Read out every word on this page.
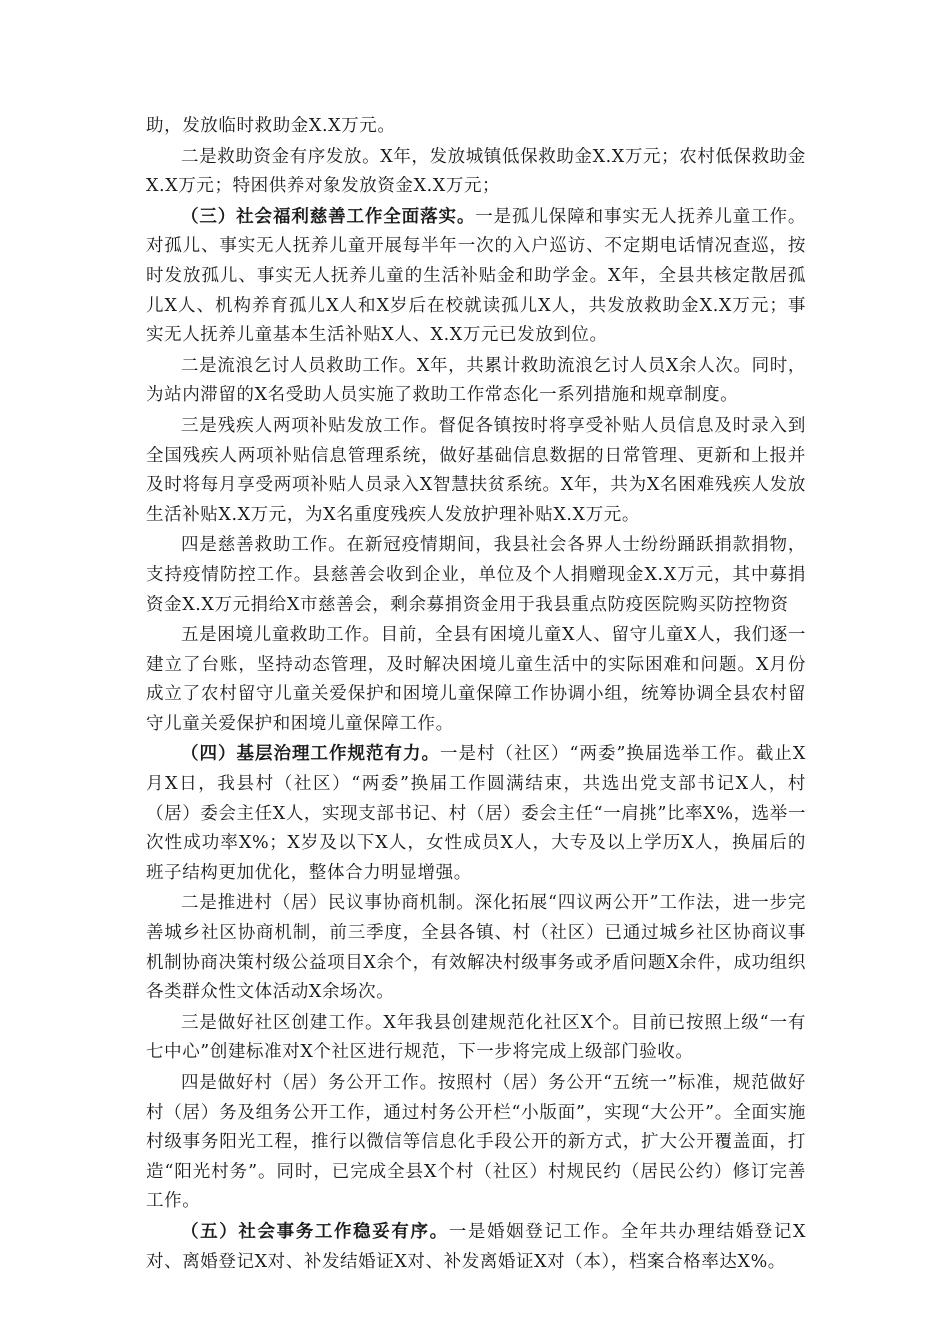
助，发放临时救助金X.X万元。

二是救助资金有序发放。X年，发放城镇低保救助金X.X万元；农村低保救助金X.X万元；特困供养对象发放资金X.X万元；

（三）社会福利慈善工作全面落实。一是孤儿保障和事实无人抚养儿童工作。对孤儿、事实无人抚养儿童开展每半年一次的入户巡访、不定期电话情况查巡，按时发放孤儿、事实无人抚养儿童的生活补贴金和助学金。X年，全县共核定散居孤儿X人、机构养育孤儿X人和X岁后在校就读孤儿X人，共发放救助金X.X万元；事实无人抚养儿童基本生活补贴X人、X.X万元已发放到位。

二是流浪乞讨人员救助工作。X年，共累计救助流浪乞讨人员X余人次。同时，为站内滞留的X名受助人员实施了救助工作常态化一系列措施和规章制度。

三是残疾人两项补贴发放工作。督促各镇按时将享受补贴人员信息及时录入到全国残疾人两项补贴信息管理系统，做好基础信息数据的日常管理、更新和上报并及时将每月享受两项补贴人员录入X智慧扶贫系统。X年，共为X名困难残疾人发放生活补贴X.X万元，为X名重度残疾人发放护理补贴X.X万元。

四是慈善救助工作。在新冠疫情期间，我县社会各界人士纷纷踊跃捐款捐物，支持疫情防控工作。县慈善会收到企业，单位及个人捐赠现金X.X万元，其中募捐资金X.X万元捐给X市慈善会，剩余募捐资金用于我县重点防疫医院购买防控物资

五是困境儿童救助工作。目前，全县有困境儿童X人、留守儿童X人，我们逐一建立了台账，坚持动态管理，及时解决困境儿童生活中的实际困难和问题。X月份成立了农村留守儿童关爱保护和困境儿童保障工作协调小组，统筹协调全县农村留守儿童关爱保护和困境儿童保障工作。

（四）基层治理工作规范有力。一是村（社区）“两委”换届选举工作。截止X月X日，我县村（社区）“两委”换届工作圆满结束，共选出党支部书记X人，村（居）委会主任X人，实现支部书记、村（居）委会主任“一肩挑”比率X%，选举一次性成功率X%；X岁及以下X人，女性成员X人，大专及以上学历X人，换届后的班子结构更加优化，整体合力明显增强。

二是推进村（居）民议事协商机制。深化拓展“四议两公开”工作法，进一步完善城乡社区协商机制，前三季度，全县各镇、村（社区）已通过城乡社区协商议事机制协商决策村级公益项目X余个，有效解决村级事务或矛盾问题X余件，成功组织各类群众性文体活动X余场次。

三是做好社区创建工作。X年我县创建规范化社区X个。目前已按照上级“一有七中心”创建标准对X个社区进行规范，下一步将完成上级部门验收。

四是做好村（居）务公开工作。按照村（居）务公开“五统一”标准，规范做好村（居）务及组务公开工作，通过村务公开栏“小版面”，实现“大公开”。全面实施村级事务阳光工程，推行以微信等信息化手段公开的新方式，扩大公开覆盖面，打造“阳光村务”。同时，已完成全县X个村（社区）村规民约（居民公约）修订完善工作。

（五）社会事务工作稳妥有序。一是婚姻登记工作。全年共办理结婚登记X对、离婚登记X对、补发结婚证X对、补发离婚证X对（本），档案合格率达X%。
